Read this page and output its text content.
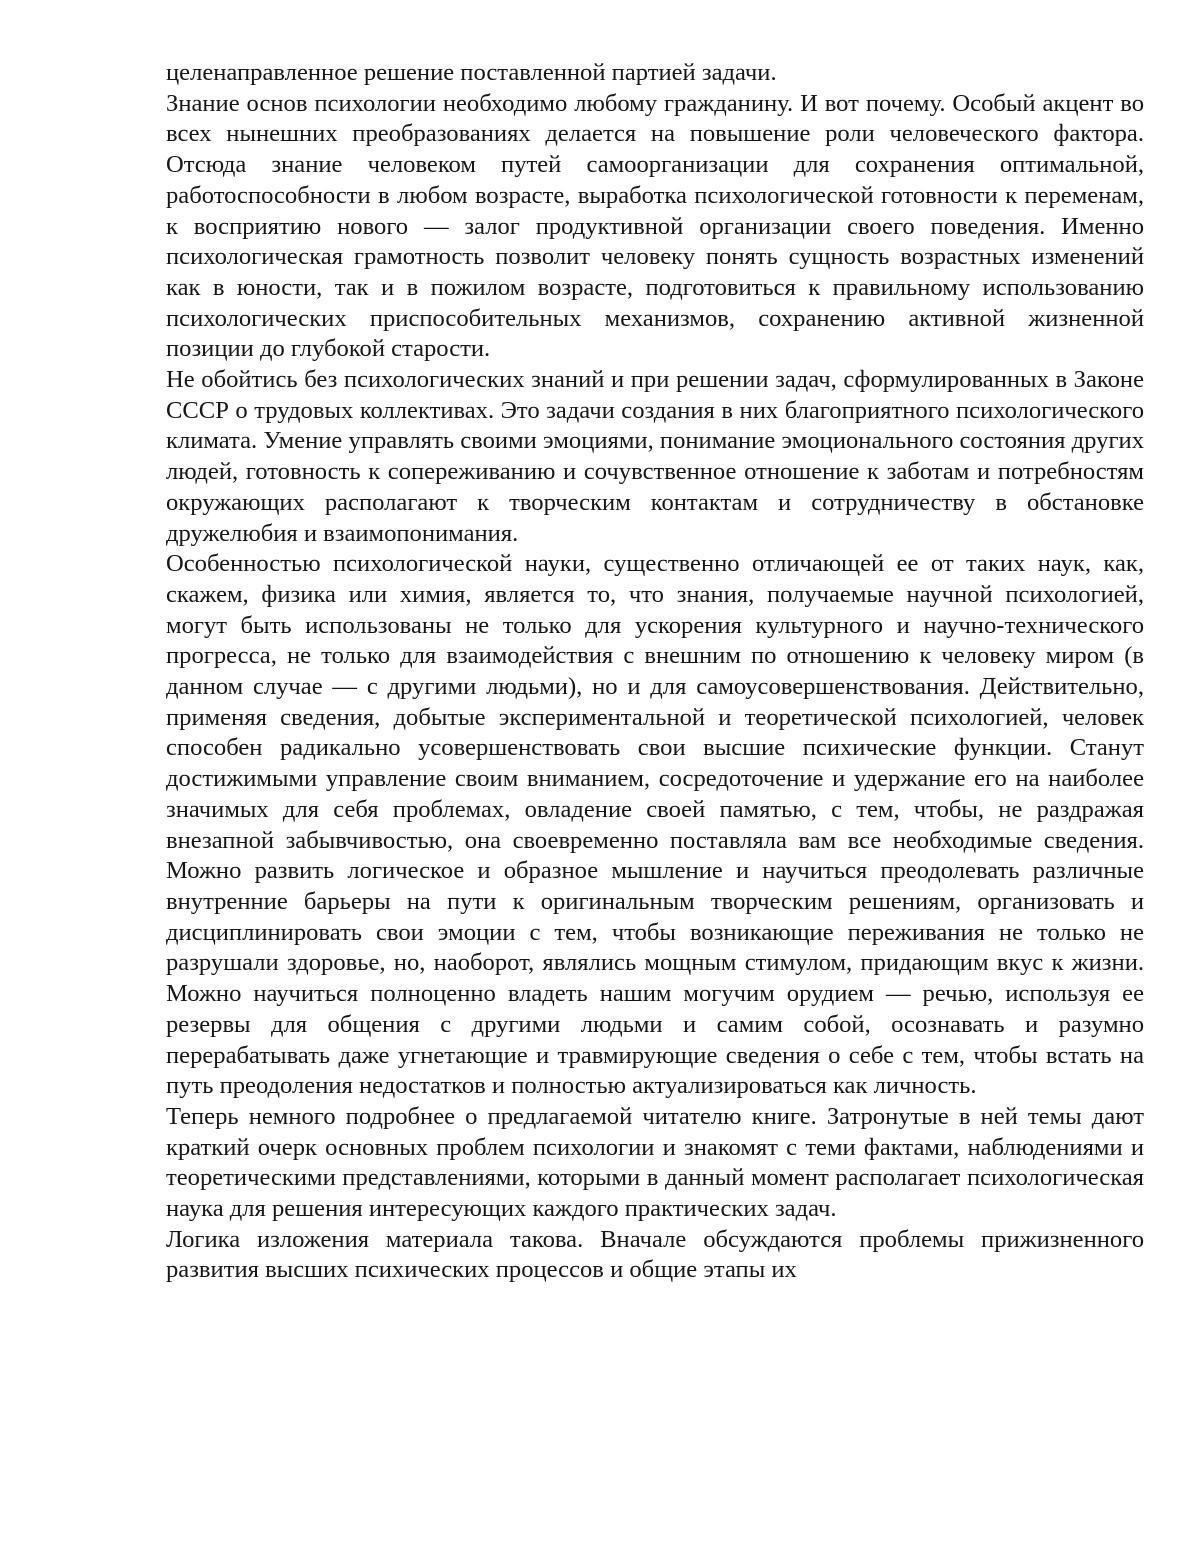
целенаправленное решение поставленной партией задачи.

Знание основ психологии необходимо любому гражданину. И вот почему. Особый акцент во всех нынешних преобразованиях делается на повышение роли человеческого фактора. Отсюда знание человеком путей самоорганизации для сохранения оптимальной, работоспособности в любом возрасте, выработка психологической готовности к переменам, к восприятию нового — залог продуктивной организации своего поведения. Именно психологическая грамотность позволит человеку понять сущность возрастных изменений как в юности, так и в пожилом возрасте, подготовиться к правильному использованию психологических приспособительных механизмов, сохранению активной жизненной позиции до глубокой старости.

Не обойтись без психологических знаний и при решении задач, сформулированных в Законе СССР о трудовых коллективах. Это задачи создания в них благоприятного психологического климата. Умение управлять своими эмоциями, понимание эмоционального состояния других людей, готовность к сопереживанию и сочувственное отношение к заботам и потребностям окружающих располагают к творческим контактам и сотрудничеству в обстановке дружелюбия и взаимопонимания.

Особенностью психологической науки, существенно отличающей ее от таких наук, как, скажем, физика или химия, является то, что знания, получаемые научной психологией, могут быть использованы не только для ускорения культурного и научно-технического прогресса, не только для взаимодействия с внешним по отношению к человеку миром (в данном случае — с другими людьми), но и для самоусовершенствования. Действительно, применяя сведения, добытые экспериментальной и теоретической психологией, человек способен радикально усовершенствовать свои высшие психические функции. Станут достижимыми управление своим вниманием, сосредоточение и удержание его на наиболее значимых для себя проблемах, овладение своей памятью, с тем, чтобы, не раздражая внезапной забывчивостью, она своевременно поставляла вам все необходимые сведения. Можно развить логическое и образное мышление и научиться преодолевать различные внутренние барьеры на пути к оригинальным творческим решениям, организовать и дисциплинировать свои эмоции с тем, чтобы возникающие переживания не только не разрушали здоровье, но, наоборот, являлись мощным стимулом, придающим вкус к жизни. Можно научиться полноценно владеть нашим могучим орудием — речью, используя ее резервы для общения с другими людьми и самим собой, осознавать и разумно перерабатывать даже угнетающие и травмирующие сведения о себе с тем, чтобы встать на путь преодоления недостатков и полностью актуализироваться как личность.

Теперь немного подробнее о предлагаемой читателю книге. Затронутые в ней темы дают краткий очерк основных проблем психологии и знакомят с теми фактами, наблюдениями и теоретическими представлениями, которыми в данный момент располагает психологическая наука для решения интересующих каждого практических задач.

Логика изложения материала такова. Вначале обсуждаются проблемы прижизненного развития высших психических процессов и общие этапы их
